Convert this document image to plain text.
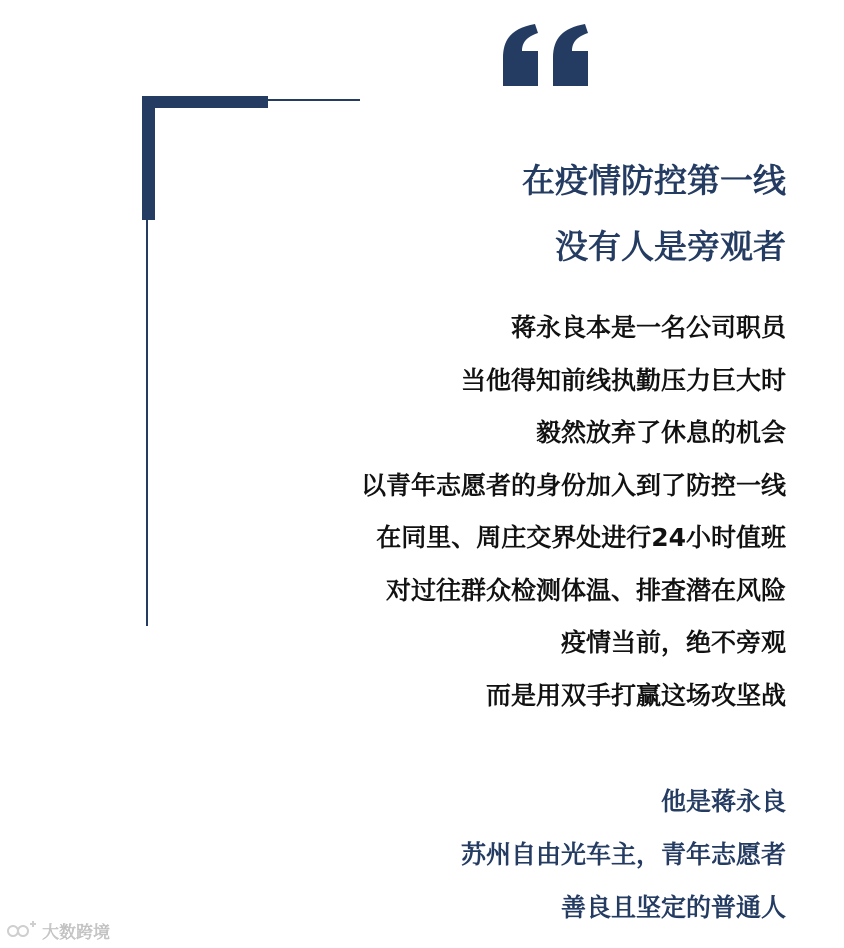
在疫情防控第一线
没有人是旁观者
蒋永良本是一名公司职员
当他得知前线执勤压力巨大时
毅然放弃了休息的机会
以青年志愿者的身份加入到了防控一线
在同里、周庄交界处进行24小时值班
对过往群众检测体温、排查潜在风险
疫情当前，绝不旁观
而是用双手打赢这场攻坚战
他是蒋永良
苏州自由光车主，青年志愿者
善良且坚定的普通人
大数跨境
